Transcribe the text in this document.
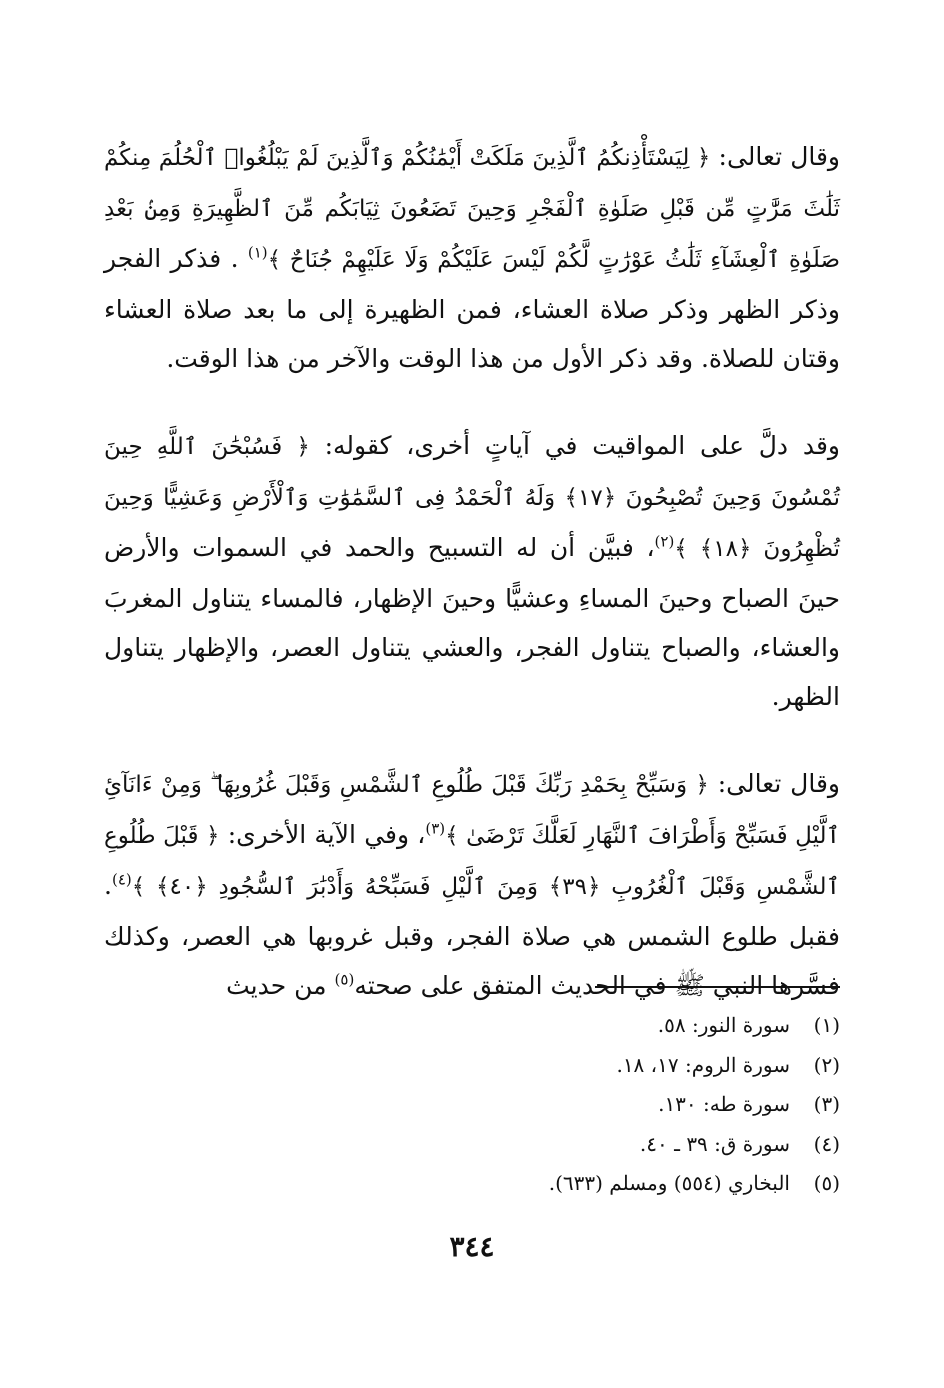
وقال تعالى: ﴿ لِيَسْتَأْذِنكُمُ ٱلَّذِينَ مَلَكَتْ أَيْمَٰنُكُمْ وَٱلَّذِينَ لَمْ يَبْلُغُوا۟ ٱلْحُلُمَ مِنكُمْ ثَلَٰثَ مَرَّٰتٍ مِّن قَبْلِ صَلَوٰةِ ٱلْفَجْرِ وَحِينَ تَضَعُونَ ثِيَابَكُم مِّنَ ٱلظَّهِيرَةِ وَمِنۢ بَعْدِ صَلَوٰةِ ٱلْعِشَآءِ ثَلَٰثُ عَوْرَٰتٍ لَّكُمْ لَيْسَ عَلَيْكُمْ وَلَا عَلَيْهِمْ جُنَاحٌ ﴾$^{(١)}$ . فذكر الفجر وذكر الظهر وذكر صلاة العشاء، فمن الظهيرة إلى ما بعد صلاة العشاء وقتان للصلاة. وقد ذكر الأول من هذا الوقت والآخر من هذا الوقت.

وقد دلَّ على المواقيت في آياتٍ أخرى، كقوله: ﴿ فَسُبْحَٰنَ ٱللَّهِ حِينَ تُمْسُونَ وَحِينَ تُصْبِحُونَ ﴿١٧﴾ وَلَهُ ٱلْحَمْدُ فِى ٱلسَّمَٰوَٰتِ وَٱلْأَرْضِ وَعَشِيًّا وَحِينَ تُظْهِرُونَ ﴿١٨﴾ ﴾$^{(٢)}$، فبيَّن أن له التسبيح والحمد في السموات والأرض حينَ الصباح وحينَ المساءِ وعشيًّا وحينَ الإظهار، فالمساء يتناول المغربَ والعشاء، والصباح يتناول الفجر، والعشي يتناول العصر، والإظهار يتناول الظهر.

وقال تعالى: ﴿ وَسَبِّحْ بِحَمْدِ رَبِّكَ قَبْلَ طُلُوعِ ٱلشَّمْسِ وَقَبْلَ غُرُوبِهَا ۖ وَمِنْ ءَانَآئِ ٱلَّيْلِ فَسَبِّحْ وَأَطْرَافَ ٱلنَّهَارِ لَعَلَّكَ تَرْضَىٰ ﴾$^{(٣)}$، وفي الآية الأخرى: ﴿ قَبْلَ طُلُوعِ ٱلشَّمْسِ وَقَبْلَ ٱلْغُرُوبِ ﴿٣٩﴾ وَمِنَ ٱلَّيْلِ فَسَبِّحْهُ وَأَدْبَٰرَ ٱلسُّجُودِ ﴿٤٠﴾ ﴾$^{(٤)}$. فقبل طلوع الشمس هي صلاة الفجر، وقبل غروبها هي العصر، وكذلك فسَّرها النبي ﷺ في الحديث المتفق على صحته$^{(٥)}$ من حديث

(١)
سورة النور: ٥٨.
(٢)
سورة الروم: ١٧، ١٨.
(٣)
سورة طه: ١٣٠.
(٤)
سورة ق: ٣٩ ـ ٤٠.
(٥)
البخاري (٥٥٤) ومسلم (٦٣٣).
٣٤٤
